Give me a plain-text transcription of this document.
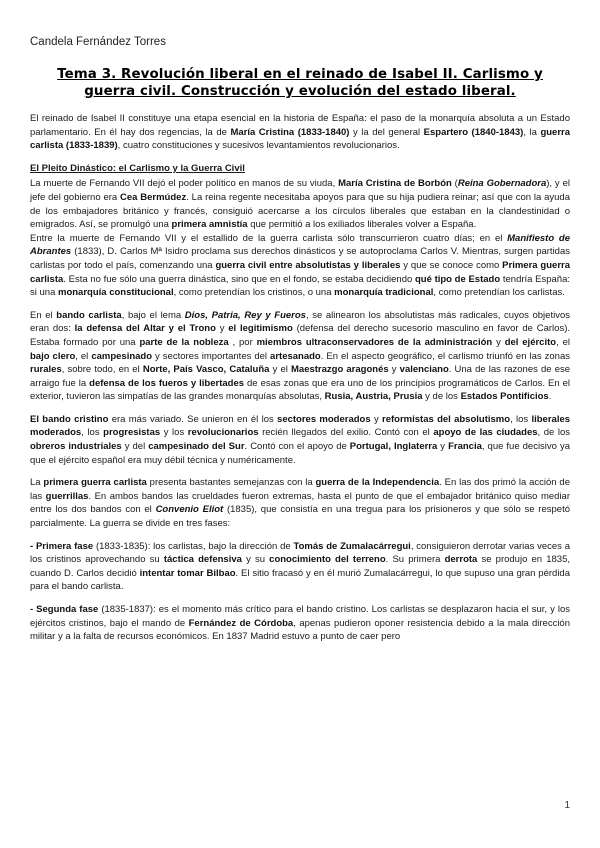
Candela Fernández Torres
Tema 3. Revolución liberal en el reinado de Isabel II. Carlismo y guerra civil. Construcción y evolución del estado liberal.

El reinado de Isabel II constituye una etapa esencial en la historia de España: el paso de la monarquía absoluta a un Estado parlamentario. En él hay dos regencias, la de María Cristina (1833-1840) y la del general Espartero (1840-1843), la guerra carlista (1833-1839), cuatro constituciones y sucesivos levantamientos revolucionarios.

El Pleito Dinástico: el Carlismo y la Guerra Civil

La muerte de Fernando VII dejó el poder político en manos de su viuda, María Cristina de Borbón (Reina Gobernadora), y el jefe del gobierno era Cea Bermúdez. La reina regente necesitaba apoyos para que su hija pudiera reinar; así que con la ayuda de los embajadores británico y francés, consiguió acercarse a los círculos liberales que estaban en la clandestinidad o emigrados. Así, se promulgó una primera amnistía que permitió a los exiliados liberales volver a España.

Entre la muerte de Fernando VII y el estallido de la guerra carlista sólo transcurrieron cuatro días; en el Manifiesto de Abrantes (1833), D. Carlos Mª Isidro proclama sus derechos dinásticos y se autoproclama Carlos V. Mientras, surgen partidas carlistas por todo el país, comenzando una guerra civil entre absolutistas y liberales y que se conoce como Primera guerra carlista. Esta no fue sólo una guerra dinástica, sino que en el fondo, se estaba decidiendo qué tipo de Estado tendría España: si una monarquía constitucional, como pretendían los cristinos, o una monarquía tradicional, como pretendían los carlistas.

En el bando carlista, bajo el lema Dios, Patria, Rey y Fueros, se alinearon los absolutistas más radicales, cuyos objetivos eran dos: la defensa del Altar y el Trono y el legitimismo (defensa del derecho sucesorio masculino en favor de Carlos). Estaba formado por una parte de la nobleza , por miembros ultraconservadores de la administración y del ejército, el bajo clero, el campesinado y sectores importantes del artesanado. En el aspecto geográfico, el carlismo triunfó en las zonas rurales, sobre todo, en el Norte, País Vasco, Cataluña y el Maestrazgo aragonés y valenciano. Una de las razones de ese arraigo fue la defensa de los fueros y libertades de esas zonas que era uno de los principios programáticos de Carlos. En el exterior, tuvieron las simpatías de las grandes monarquías absolutas, Rusia, Austria, Prusia y de los Estados Pontificios.

El bando cristino era más variado. Se unieron en él los sectores moderados y reformistas del absolutismo, los liberales moderados, los progresistas y los revolucionarios recién llegados del exilio. Contó con el apoyo de las ciudades, de los obreros industriales y del campesinado del Sur. Contó con el apoyo de Portugal, Inglaterra y Francia, que fue decisivo ya que el ejército español era muy débil técnica y numéricamente.

La primera guerra carlista presenta bastantes semejanzas con la guerra de la Independencia. En las dos primó la acción de las guerrillas. En ambos bandos las crueldades fueron extremas, hasta el punto de que el embajador británico quiso mediar entre los dos bandos con el Convenio Eliot (1835), que consistía en una tregua para los prisioneros y que sólo se respetó parcialmente. La guerra se divide en tres fases:

- Primera fase (1833-1835): los carlistas, bajo la dirección de Tomás de Zumalacárregui, consiguieron derrotar varias veces a los cristinos aprovechando su táctica defensiva y su conocimiento del terreno. Su primera derrota se produjo en 1835, cuando D. Carlos decidió intentar tomar Bilbao. El sitio fracasó y en él murió Zumalacárregui, lo que supuso una gran pérdida para el bando carlista.

- Segunda fase (1835-1837): es el momento más crítico para el bando cristino. Los carlistas se desplazaron hacia el sur, y los ejércitos cristinos, bajo el mando de Fernández de Córdoba, apenas pudieron oponer resistencia debido a la mala dirección militar y a la falta de recursos económicos. En 1837 Madrid estuvo a punto de caer pero

1
